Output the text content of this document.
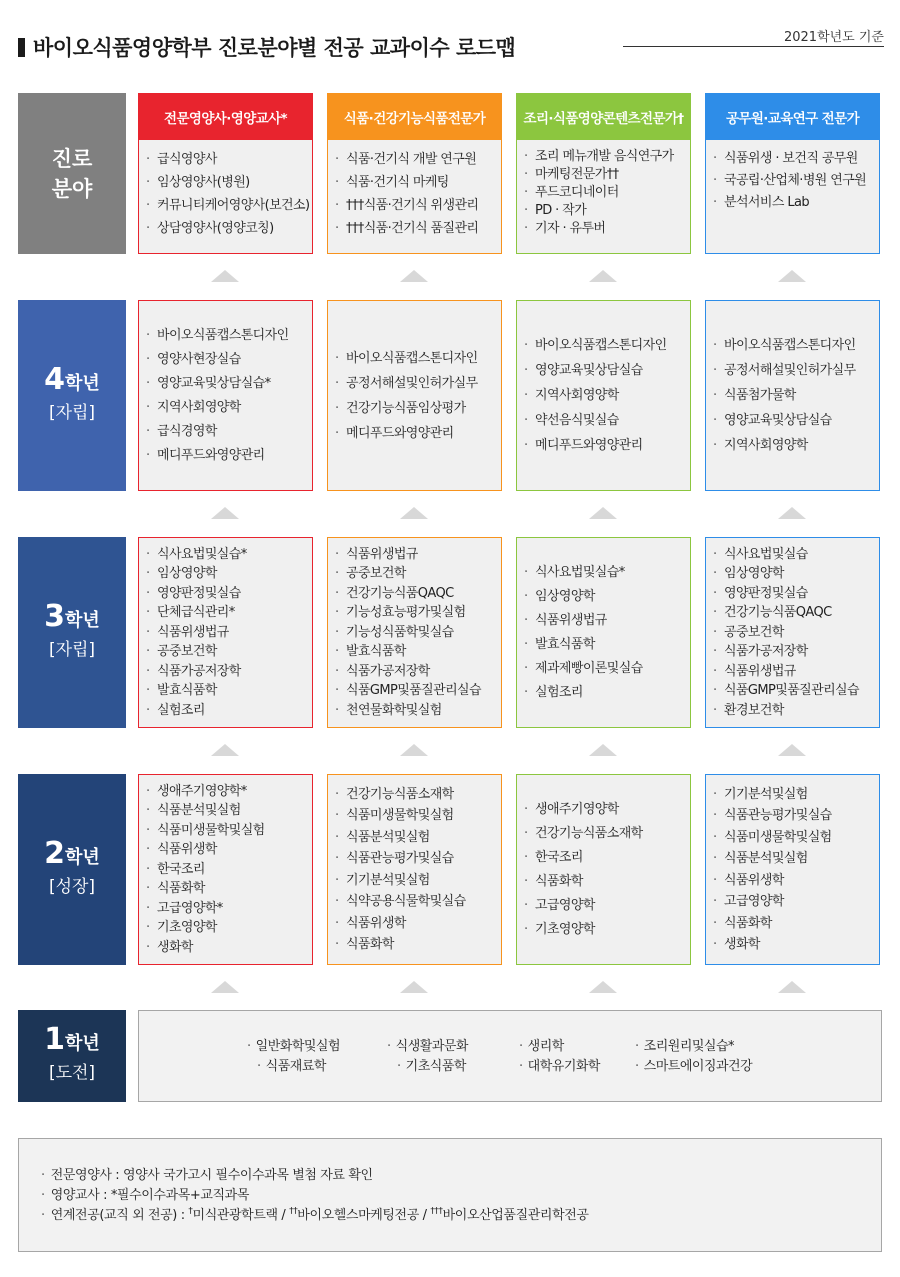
바이오식품영양학부 진로분야별 전공 교과이수 로드맵	2021학년도 기준
진로
분야
전문영양사·영양교사*
· 급식영양사
· 임상영양사(병원)
· 커뮤니티케어영양사(보건소)
· 상담영양사(영양코칭)
식품·건강기능식품전문가
· 식품·건기식 개발 연구원
· 식품·건기식 마케팅
· †††식품·건기식 위생관리
· †††식품·건기식 품질관리
조리·식품영양콘텐츠전문가†
· 조리 메뉴개발 음식연구가
· 마케팅전문가††
· 푸드코디네이터
· PD · 작가
· 기자 · 유투버
공무원·교육연구 전문가
· 식품위생 · 보건직 공무원
· 국공립·산업체·병원 연구원
· 분석서비스 Lab
4학년
[자립]
· 바이오식품캡스톤디자인
· 영양사현장실습
· 영양교육및상담실습*
· 지역사회영양학
· 급식경영학
· 메디푸드와영양관리
· 바이오식품캡스톤디자인
· 공정서해설및인허가실무
· 건강기능식품임상평가
· 메디푸드와영양관리
· 바이오식품캡스톤디자인
· 영양교육및상담실습
· 지역사회영양학
· 약선음식및실습
· 메디푸드와영양관리
· 바이오식품캡스톤디자인
· 공정서해설및인허가실무
· 식품첨가물학
· 영양교육및상담실습
· 지역사회영양학
3학년
[자립]
· 식사요법및실습*
· 임상영양학
· 영양판정및실습
· 단체급식관리*
· 식품위생법규
· 공중보건학
· 식품가공저장학
· 발효식품학
· 실험조리
· 식품위생법규
· 공중보건학
· 건강기능식품QAQC
· 기능성효능평가및실험
· 기능성식품학및실습
· 발효식품학
· 식품가공저장학
· 식품GMP및품질관리실습
· 천연물화학및실험
· 식사요법및실습*
· 임상영양학
· 식품위생법규
· 발효식품학
· 제과제빵이론및실습
· 실험조리
· 식사요법및실습
· 임상영양학
· 영양판정및실습
· 건강기능식품QAQC
· 공중보건학
· 식품가공저장학
· 식품위생법규
· 식품GMP및품질관리실습
· 환경보건학
2학년
[성장]
· 생애주기영양학*
· 식품분석및실험
· 식품미생물학및실험
· 식품위생학
· 한국조리
· 식품화학
· 고급영양학*
· 기초영양학
· 생화학
· 건강기능식품소재학
· 식품미생물학및실험
· 식품분석및실험
· 식품관능평가및실습
· 기기분석및실험
· 식약공용식물학및실습
· 식품위생학
· 식품화학
· 생애주기영양학
· 건강기능식품소재학
· 한국조리
· 식품화학
· 고급영양학
· 기초영양학
· 기기분석및실험
· 식품관능평가및실습
· 식품미생물학및실험
· 식품분석및실험
· 식품위생학
· 고급영양학
· 식품화학
· 생화학
1학년
[도전]
· 일반화학및실험
· 식품재료학
· 식생활과문화
· 기초식품학
· 생리학
· 대학유기화학
· 조리원리및실습*
· 스마트에이징과건강
· 전문영양사 : 영양사 국가고시 필수이수과목 별첨 자료 확인
· 영양교사 : *필수이수과목+교직과목
· 연계전공(교직 외 전공) : †미식관광학트랙 / ††바이오헬스마케팅전공 / †††바이오산업품질관리학전공
